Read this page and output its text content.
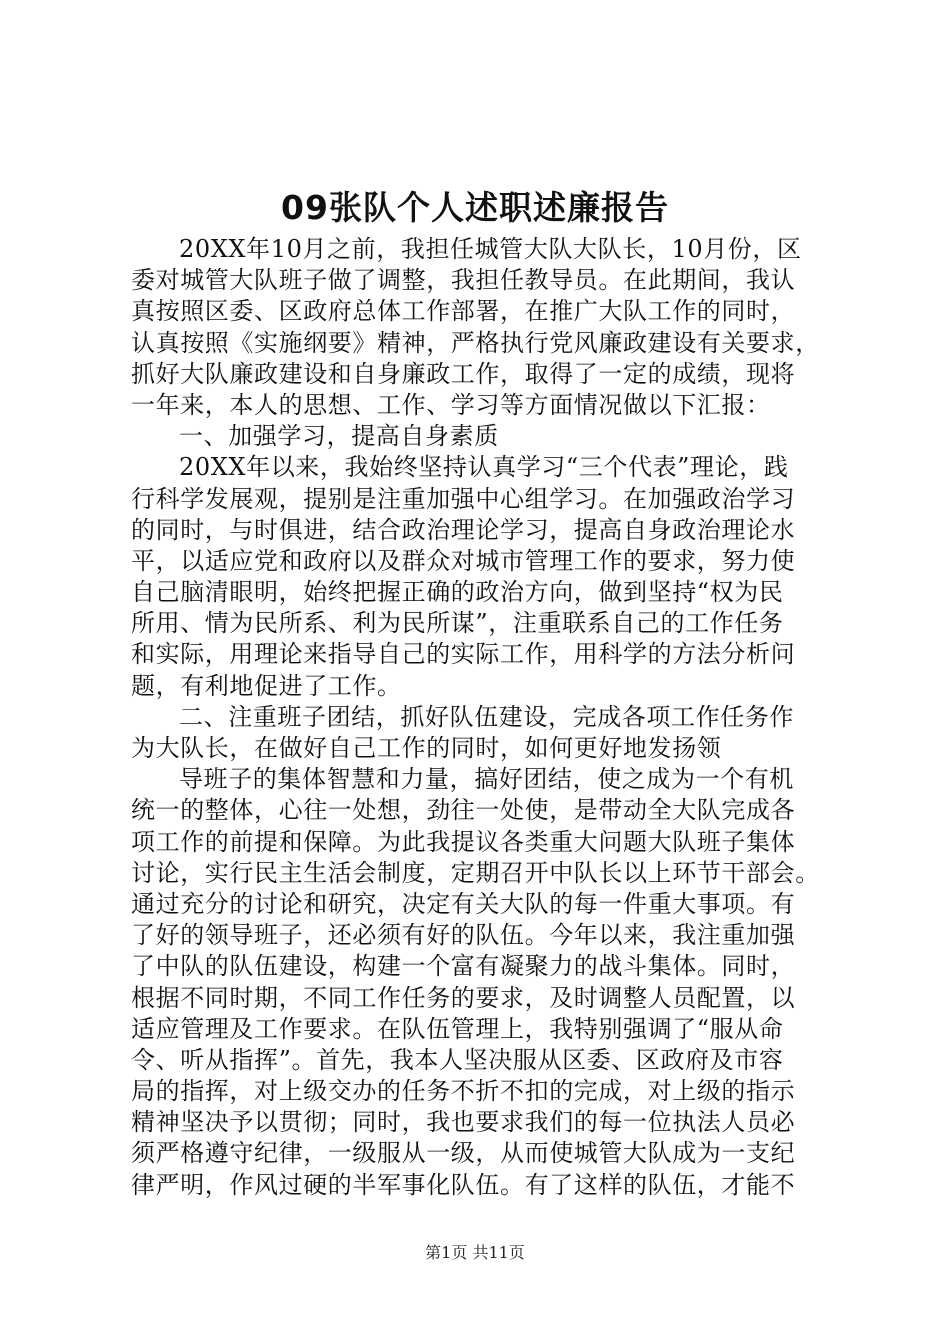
09张队个人述职述廉报告
20XX年10月之前，我担任城管大队大队长，10月份，区
委对城管大队班子做了调整，我担任教导员。在此期间，我认
真按照区委、区政府总体工作部署，在推广大队工作的同时，
认真按照《实施纲要》精神，严格执行党风廉政建设有关要求，
抓好大队廉政建设和自身廉政工作，取得了一定的成绩，现将
一年来，本人的思想、工作、学习等方面情况做以下汇报：
一、加强学习，提高自身素质
20XX年以来，我始终坚持认真学习“三个代表”理论，践
行科学发展观，提别是注重加强中心组学习。在加强政治学习
的同时，与时俱进，结合政治理论学习，提高自身政治理论水
平，以适应党和政府以及群众对城市管理工作的要求，努力使
自己脑清眼明，始终把握正确的政治方向，做到坚持“权为民
所用、情为民所系、利为民所谋”，注重联系自己的工作任务
和实际，用理论来指导自己的实际工作，用科学的方法分析问
题，有利地促进了工作。
二、注重班子团结，抓好队伍建设，完成各项工作任务作
为大队长，在做好自己工作的同时，如何更好地发扬领
导班子的集体智慧和力量，搞好团结，使之成为一个有机
统一的整体，心往一处想，劲往一处使，是带动全大队完成各
项工作的前提和保障。为此我提议各类重大问题大队班子集体
讨论，实行民主生活会制度，定期召开中队长以上环节干部会。
通过充分的讨论和研究，决定有关大队的每一件重大事项。有
了好的领导班子，还必须有好的队伍。今年以来，我注重加强
了中队的队伍建设，构建一个富有凝聚力的战斗集体。同时，
根据不同时期，不同工作任务的要求，及时调整人员配置，以
适应管理及工作要求。在队伍管理上，我特别强调了“服从命
令、听从指挥”。首先，我本人坚决服从区委、区政府及市容
局的指挥，对上级交办的任务不折不扣的完成，对上级的指示
精神坚决予以贯彻；同时，我也要求我们的每一位执法人员必
须严格遵守纪律，一级服从一级，从而使城管大队成为一支纪
律严明，作风过硬的半军事化队伍。有了这样的队伍，才能不
第1页 共11页
